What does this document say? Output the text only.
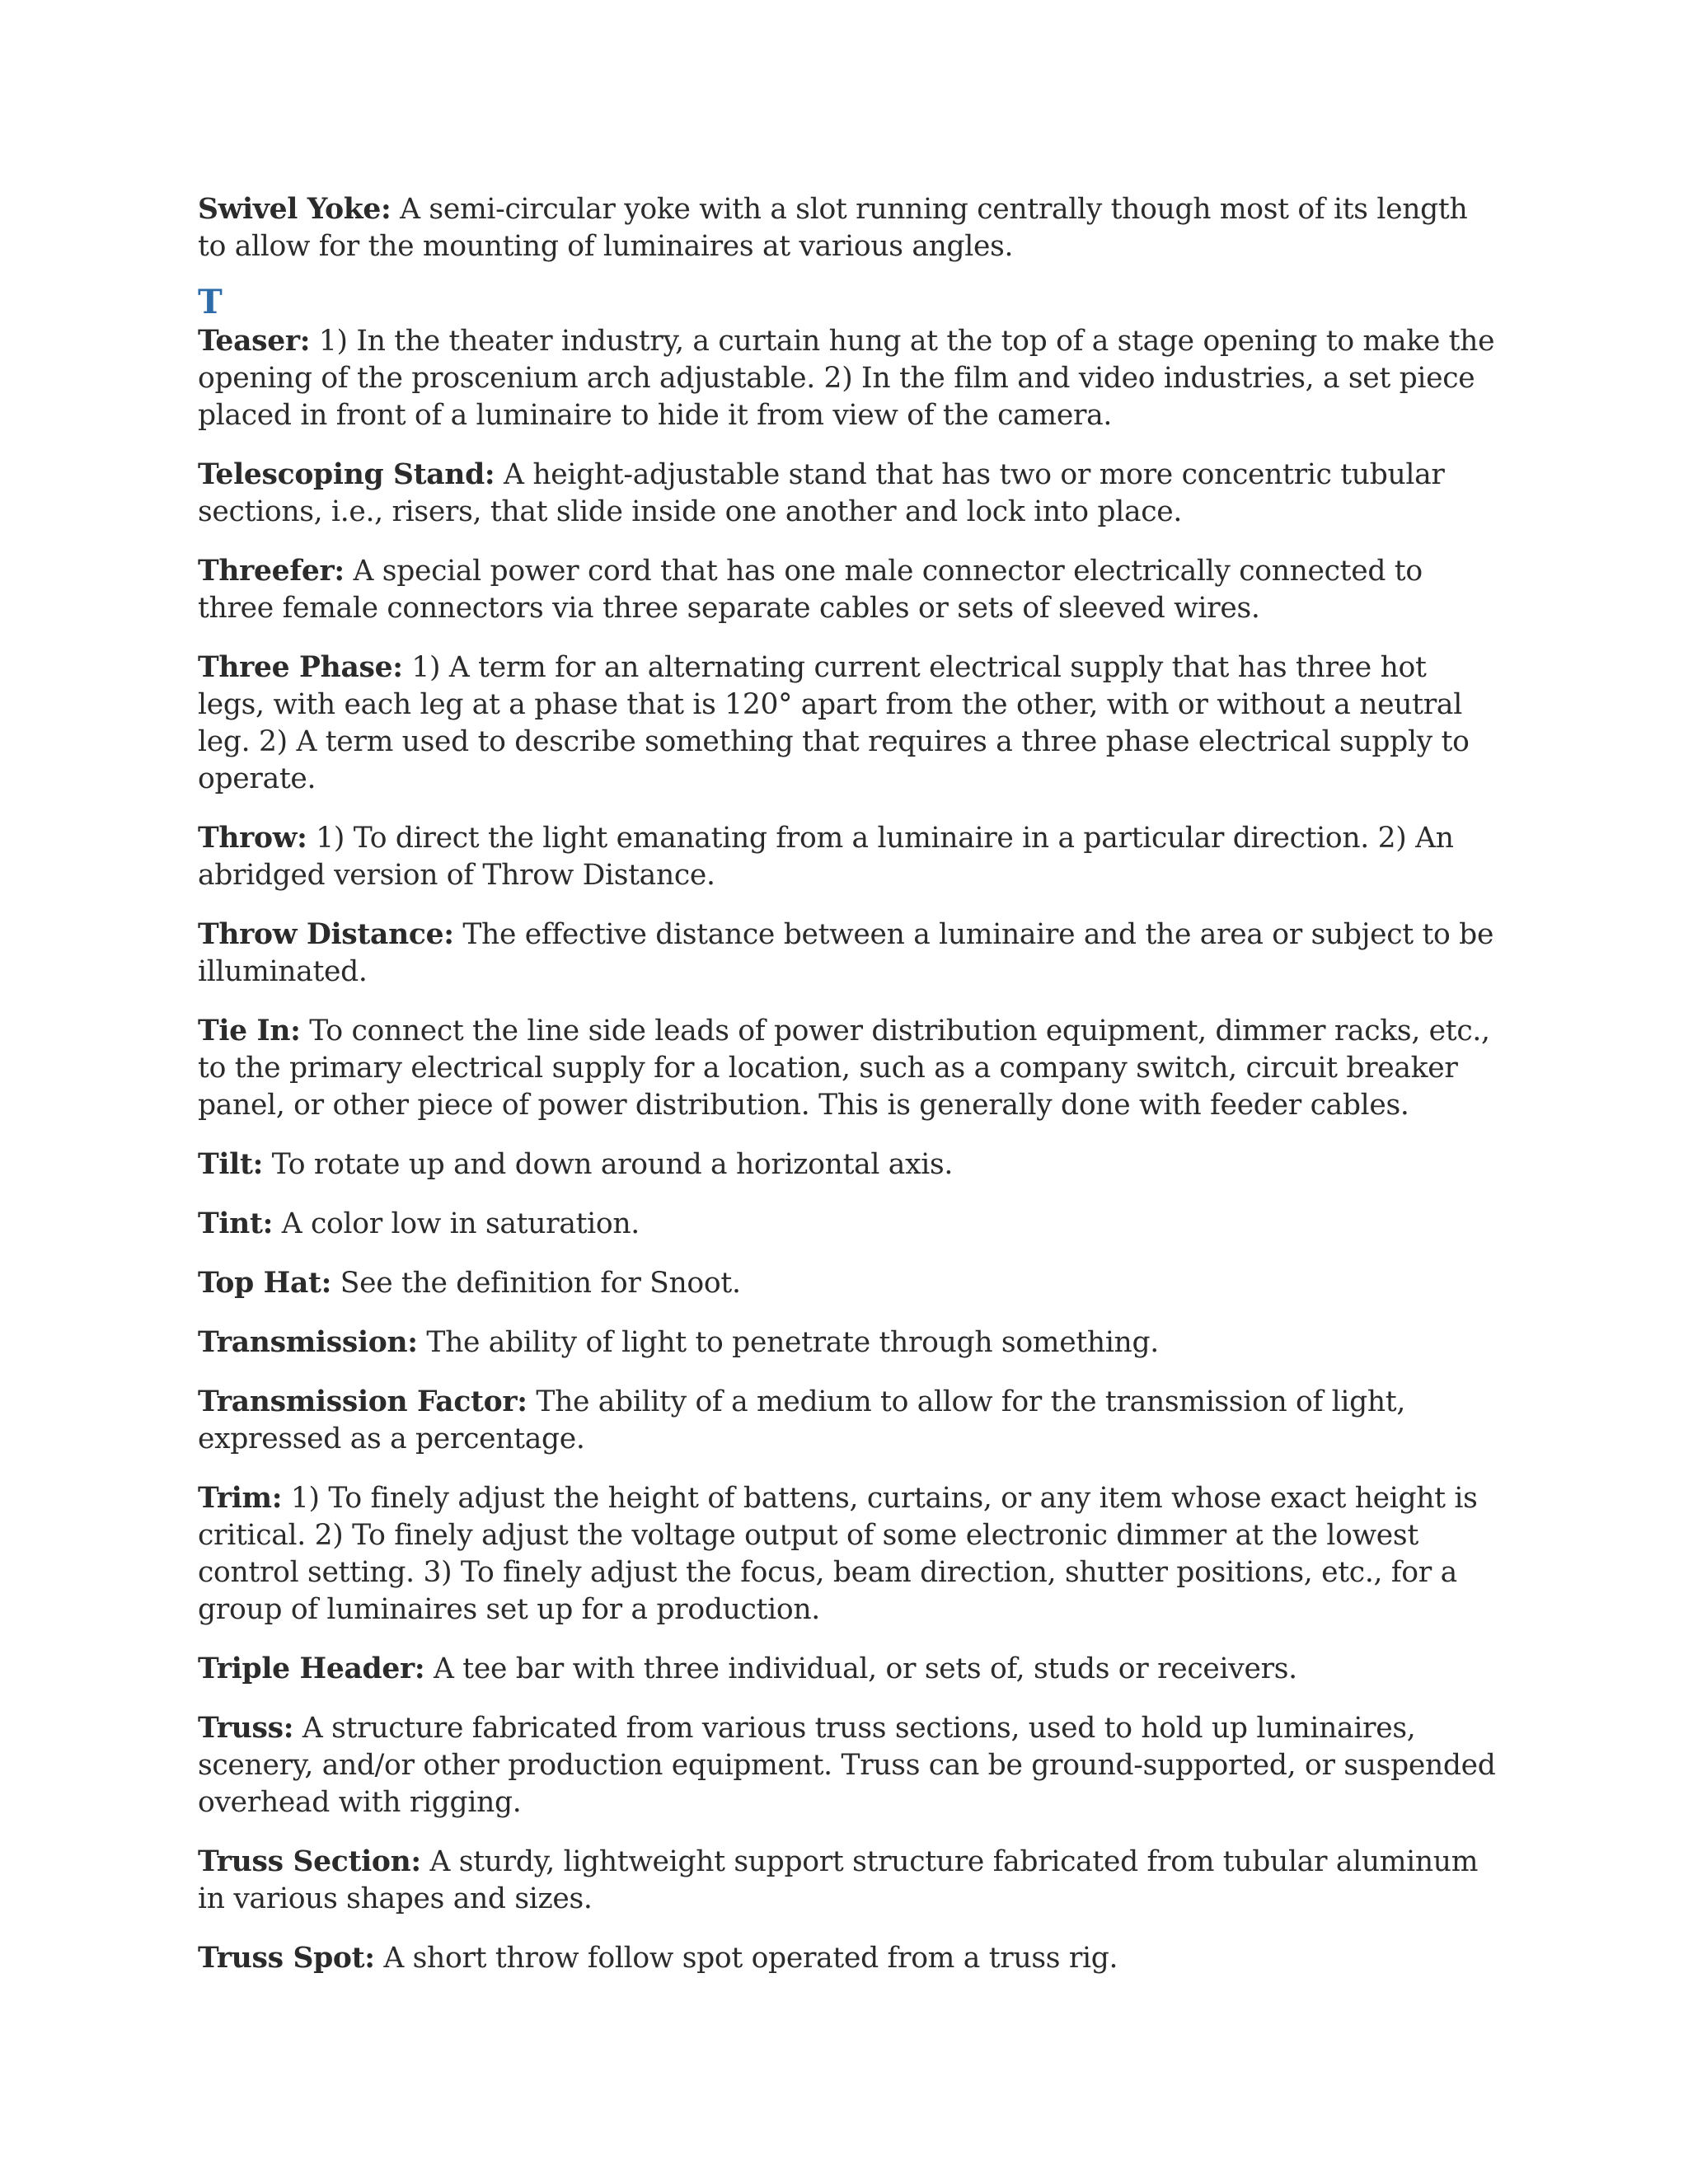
Swivel Yoke: A semi-circular yoke with a slot running centrally though most of its length to allow for the mounting of luminaires at various angles.

T

Teaser: 1) In the theater industry, a curtain hung at the top of a stage opening to make the opening of the proscenium arch adjustable. 2) In the film and video industries, a set piece placed in front of a luminaire to hide it from view of the camera.

Telescoping Stand: A height-adjustable stand that has two or more concentric tubular sections, i.e., risers, that slide inside one another and lock into place.

Threefer: A special power cord that has one male connector electrically connected to three female connectors via three separate cables or sets of sleeved wires.

Three Phase: 1) A term for an alternating current electrical supply that has three hot legs, with each leg at a phase that is 120° apart from the other, with or without a neutral leg. 2) A term used to describe something that requires a three phase electrical supply to operate.

Throw: 1) To direct the light emanating from a luminaire in a particular direction. 2) An abridged version of Throw Distance.

Throw Distance: The effective distance between a luminaire and the area or subject to be illuminated.

Tie In: To connect the line side leads of power distribution equipment, dimmer racks, etc., to the primary electrical supply for a location, such as a company switch, circuit breaker panel, or other piece of power distribution. This is generally done with feeder cables.

Tilt: To rotate up and down around a horizontal axis.

Tint: A color low in saturation.

Top Hat: See the definition for Snoot.

Transmission: The ability of light to penetrate through something.

Transmission Factor: The ability of a medium to allow for the transmission of light, expressed as a percentage.

Trim: 1) To finely adjust the height of battens, curtains, or any item whose exact height is critical. 2) To finely adjust the voltage output of some electronic dimmer at the lowest control setting. 3) To finely adjust the focus, beam direction, shutter positions, etc., for a group of luminaires set up for a production.

Triple Header: A tee bar with three individual, or sets of, studs or receivers.

Truss: A structure fabricated from various truss sections, used to hold up luminaires, scenery, and/or other production equipment. Truss can be ground-supported, or suspended overhead with rigging.

Truss Section: A sturdy, lightweight support structure fabricated from tubular aluminum in various shapes and sizes.

Truss Spot: A short throw follow spot operated from a truss rig.
